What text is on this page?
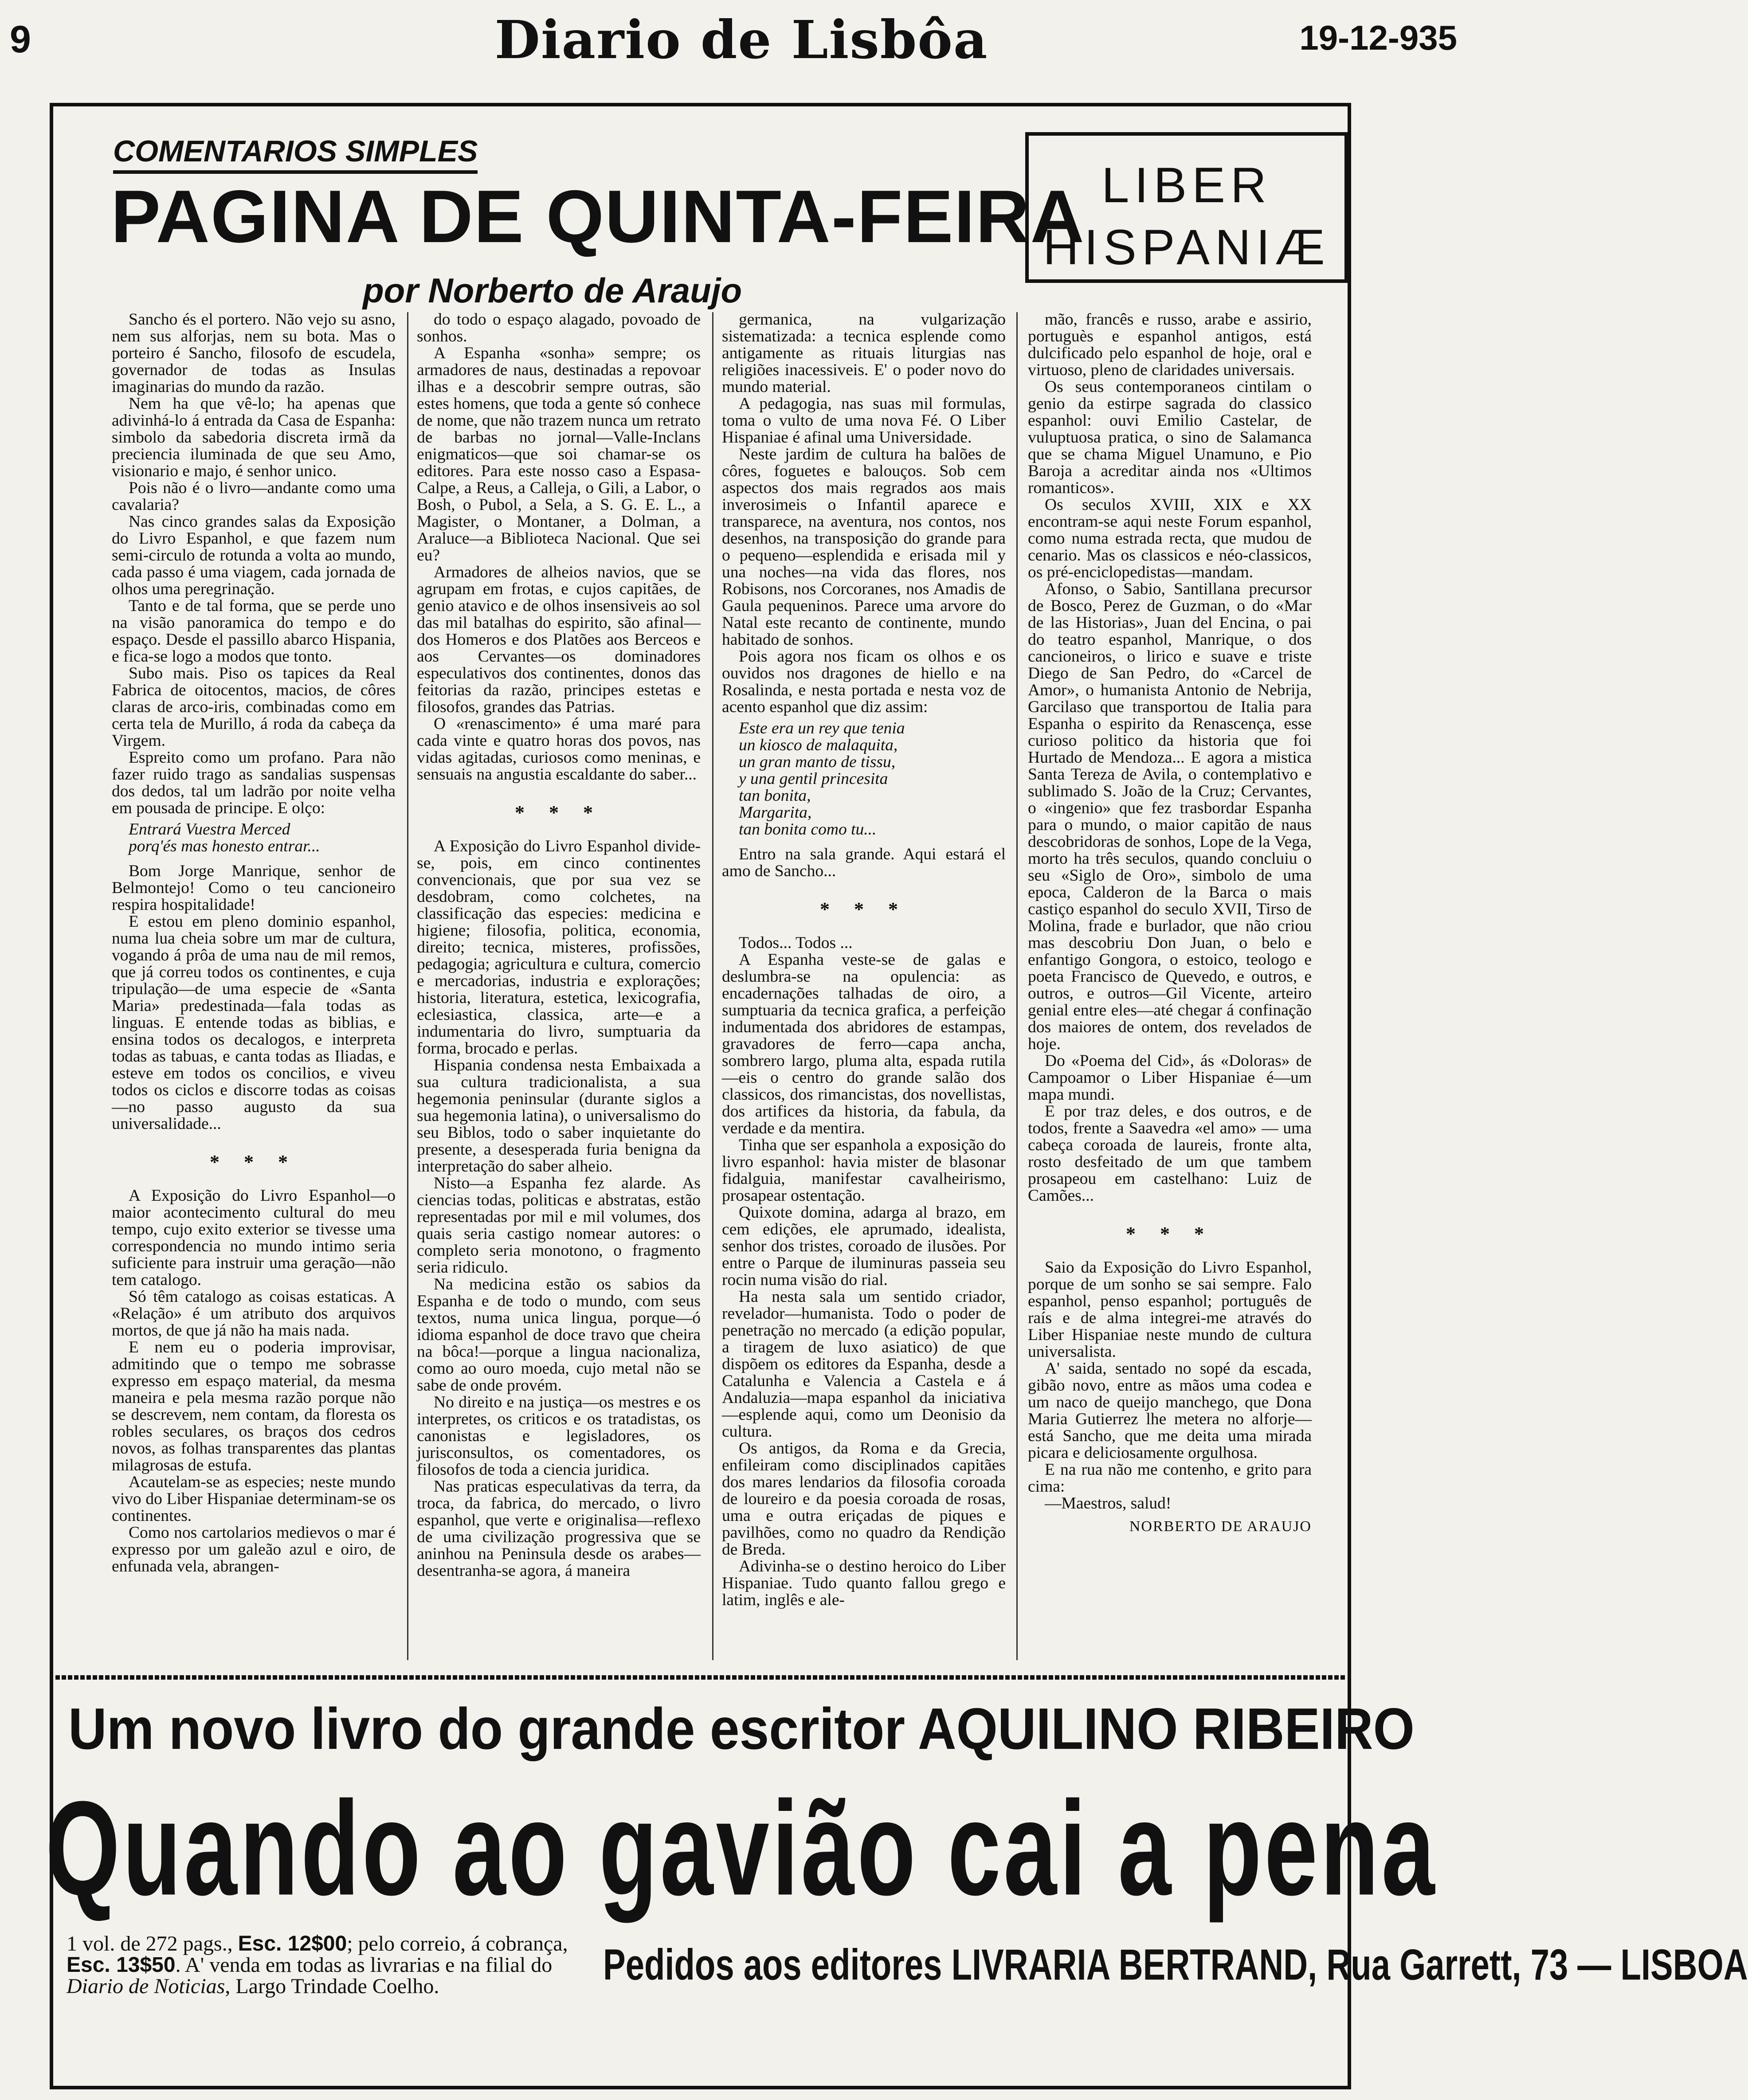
9	Diario de Lisbôa	19-12-935
COMENTARIOS SIMPLES
PAGINA DE QUINTA-FEIRA
por Norberto de Araujo
LIBER
HISPANIÆ

Sancho és el portero. Não vejo su asno, nem sus alforjas, nem su bota. Mas o porteiro é Sancho, filosofo de escudela, governador de todas as Insulas imaginarias do mundo da razão.

Nem ha que vê-lo; ha apenas que adivinhá-lo á entrada da Casa de Espanha: simbolo da sabedoria discreta irmã da preciencia iluminada de que seu Amo, visionario e majo, é senhor unico.

Pois não é o livro—andante como uma cavalaria?

Nas cinco grandes salas da Exposição do Livro Espanhol, e que fazem num semi-circulo de rotunda a volta ao mundo, cada passo é uma viagem, cada jornada de olhos uma peregrinação.

Tanto e de tal forma, que se perde uno na visão panoramica do tempo e do espaço. Desde el passillo abarco Hispania, e fica-se logo a modos que tonto.

Subo mais. Piso os tapices da Real Fabrica de oitocentos, macios, de côres claras de arco-iris, combinadas como em certa tela de Murillo, á roda da cabeça da Virgem.

Espreito como um profano. Para não fazer ruido trago as sandalias suspensas dos dedos, tal um ladrão por noite velha em pousada de principe. E olço:

Entrará Vuestra Merced
porq'és mas honesto entrar...

Bom Jorge Manrique, senhor de Belmontejo! Como o teu cancioneiro respira hospitalidade!

E estou em pleno dominio espanhol, numa lua cheia sobre um mar de cultura, vogando á prôa de uma nau de mil remos, que já correu todos os continentes, e cuja tripulação—de uma especie de «Santa Maria» predestinada—fala todas as linguas. E entende todas as biblias, e ensina todos os decalogos, e interpreta todas as tabuas, e canta todas as Iliadas, e esteve em todos os concilios, e viveu todos os ciclos e discorre todas as coisas—no passo augusto da sua universalidade...

* * *

A Exposição do Livro Espanhol—o maior acontecimento cultural do meu tempo, cujo exito exterior se tivesse uma correspondencia no mundo intimo seria suficiente para instruir uma geração—não tem catalogo.

Só têm catalogo as coisas estaticas. A «Relação» é um atributo dos arquivos mortos, de que já não ha mais nada.

E nem eu o poderia improvisar, admitindo que o tempo me sobrasse expresso em espaço material, da mesma maneira e pela mesma razão porque não se descrevem, nem contam, da floresta os robles seculares, os braços dos cedros novos, as folhas transparentes das plantas milagrosas de estufa.

Acautelam-se as especies; neste mundo vivo do Liber Hispaniae determinam-se os continentes.

Como nos cartolarios medievos o mar é expresso por um galeão azul e oiro, de enfunada vela, abrangen-

do todo o espaço alagado, povoado de sonhos.

A Espanha «sonha» sempre; os armadores de naus, destinadas a repovoar ilhas e a descobrir sempre outras, são estes homens, que toda a gente só conhece de nome, que não trazem nunca um retrato de barbas no jornal—Valle-Inclans enigmaticos—que soi chamar-se os editores. Para este nosso caso a Espasa-Calpe, a Reus, a Calleja, o Gili, a Labor, o Bosh, o Pubol, a Sela, a S. G. E. L., a Magister, o Montaner, a Dolman, a Araluce—a Biblioteca Nacional. Que sei eu?

Armadores de alheios navios, que se agrupam em frotas, e cujos capitães, de genio atavico e de olhos insensiveis ao sol das mil batalhas do espirito, são afinal—dos Homeros e dos Platões aos Berceos e aos Cervantes—os dominadores especulativos dos continentes, donos das feitorias da razão, principes estetas e filosofos, grandes das Patrias.

O «renascimento» é uma maré para cada vinte e quatro horas dos povos, nas vidas agitadas, curiosos como meninas, e sensuais na angustia escaldante do saber...

* * *

A Exposição do Livro Espanhol divide-se, pois, em cinco continentes convencionais, que por sua vez se desdobram, como colchetes, na classificação das especies: medicina e higiene; filosofia, politica, economia, direito; tecnica, misteres, profissões, pedagogia; agricultura e cultura, comercio e mercadorias, industria e explorações; historia, literatura, estetica, lexicografia, eclesiastica, classica, arte—e a indumentaria do livro, sumptuaria da forma, brocado e perlas.

Hispania condensa nesta Embaixada a sua cultura tradicionalista, a sua hegemonia peninsular (durante siglos a sua hegemonia latina), o universalismo do seu Biblos, todo o saber inquietante do presente, a desesperada furia benigna da interpretação do saber alheio.

Nisto—a Espanha fez alarde. As ciencias todas, politicas e abstratas, estão representadas por mil e mil volumes, dos quais seria castigo nomear autores: o completo seria monotono, o fragmento seria ridiculo.

Na medicina estão os sabios da Espanha e de todo o mundo, com seus textos, numa unica lingua, porque—ó idioma espanhol de doce travo que cheira na bôca!—porque a lingua nacionaliza, como ao ouro moeda, cujo metal não se sabe de onde provém.

No direito e na justiça—os mestres e os interpretes, os criticos e os tratadistas, os canonistas e legisladores, os jurisconsultos, os comentadores, os filosofos de toda a ciencia juridica.

Nas praticas especulativas da terra, da troca, da fabrica, do mercado, o livro espanhol, que verte e originalisa—reflexo de uma civilização progressiva que se aninhou na Peninsula desde os arabes—desentranha-se agora, á maneira

germanica, na vulgarização sistematizada: a tecnica esplende como antigamente as rituais liturgias nas religiões inacessiveis. E' o poder novo do mundo material.

A pedagogia, nas suas mil formulas, toma o vulto de uma nova Fé. O Liber Hispaniae é afinal uma Universidade.

Neste jardim de cultura ha balões de côres, foguetes e balouços. Sob cem aspectos dos mais regrados aos mais inverosimeis o Infantil aparece e transparece, na aventura, nos contos, nos desenhos, na transposição do grande para o pequeno—esplendida e erisada mil y una noches—na vida das flores, nos Robisons, nos Corcoranes, nos Amadis de Gaula pequeninos. Parece uma arvore do Natal este recanto de continente, mundo habitado de sonhos.

Pois agora nos ficam os olhos e os ouvidos nos dragones de hiello e na Rosalinda, e nesta portada e nesta voz de acento espanhol que diz assim:

Este era un rey que tenia
un kiosco de malaquita,
un gran manto de tissu,
y una gentil princesita
tan bonita,
Margarita,
tan bonita como tu...

Entro na sala grande. Aqui estará el amo de Sancho...

* * *

Todos... Todos ...

A Espanha veste-se de galas e deslumbra-se na opulencia: as encadernações talhadas de oiro, a sumptuaria da tecnica grafica, a perfeição indumentada dos abridores de estampas, gravadores de ferro—capa ancha, sombrero largo, pluma alta, espada rutila—eis o centro do grande salão dos classicos, dos rimancistas, dos novellistas, dos artifices da historia, da fabula, da verdade e da mentira.

Tinha que ser espanhola a exposição do livro espanhol: havia mister de blasonar fidalguia, manifestar cavalheirismo, prosapear ostentação.

Quixote domina, adarga al brazo, em cem edições, ele aprumado, idealista, senhor dos tristes, coroado de ilusões. Por entre o Parque de iluminuras passeia seu rocin numa visão do rial.

Ha nesta sala um sentido criador, revelador—humanista. Todo o poder de penetração no mercado (a edição popular, a tiragem de luxo asiatico) de que dispõem os editores da Espanha, desde a Catalunha e Valencia a Castela e á Andaluzia—mapa espanhol da iniciativa—esplende aqui, como um Deonisio da cultura.

Os antigos, da Roma e da Grecia, enfileiram como disciplinados capitães dos mares lendarios da filosofia coroada de loureiro e da poesia coroada de rosas, uma e outra eriçadas de piques e pavilhões, como no quadro da Rendição de Breda.

Adivinha-se o destino heroico do Liber Hispaniae. Tudo quanto fallou grego e latim, inglês e ale-

mão, francês e russo, arabe e assirio, portuguès e espanhol antigos, está dulcificado pelo espanhol de hoje, oral e virtuoso, pleno de claridades universais.

Os seus contemporaneos cintilam o genio da estirpe sagrada do classico espanhol: ouvi Emilio Castelar, de vuluptuosa pratica, o sino de Salamanca que se chama Miguel Unamuno, e Pio Baroja a acreditar ainda nos «Ultimos romanticos».

Os seculos XVIII, XIX e XX encontram-se aqui neste Forum espanhol, como numa estrada recta, que mudou de cenario. Mas os classicos e néo-classicos, os pré-enciclopedistas—mandam.

Afonso, o Sabio, Santillana precursor de Bosco, Perez de Guzman, o do «Mar de las Historias», Juan del Encina, o pai do teatro espanhol, Manrique, o dos cancioneiros, o lirico e suave e triste Diego de San Pedro, do «Carcel de Amor», o humanista Antonio de Nebrija, Garcilaso que transportou de Italia para Espanha o espirito da Renascença, esse curioso politico da historia que foi Hurtado de Mendoza... E agora a mistica Santa Tereza de Avila, o contemplativo e sublimado S. João de la Cruz; Cervantes, o «ingenio» que fez trasbordar Espanha para o mundo, o maior capitão de naus descobridoras de sonhos, Lope de la Vega, morto ha três seculos, quando concluiu o seu «Siglo de Oro», simbolo de uma epoca, Calderon de la Barca o mais castiço espanhol do seculo XVII, Tirso de Molina, frade e burlador, que não criou mas descobriu Don Juan, o belo e enfantigo Gongora, o estoico, teologo e poeta Francisco de Quevedo, e outros, e outros, e outros—Gil Vicente, arteiro genial entre eles—até chegar á confinação dos maiores de ontem, dos revelados de hoje.

Do «Poema del Cid», ás «Doloras» de Campoamor o Liber Hispaniae é—um mapa mundi.

E por traz deles, e dos outros, e de todos, frente a Saavedra «el amo» — uma cabeça coroada de laureis, fronte alta, rosto desfeitado de um que tambem prosapeou em castelhano: Luiz de Camões...

* * *

Saio da Exposição do Livro Espanhol, porque de um sonho se sai sempre. Falo espanhol, penso espanhol; português de raís e de alma integrei-me através do Liber Hispaniae neste mundo de cultura universalista.

A' saida, sentado no sopé da escada, gibão novo, entre as mãos uma codea e um naco de queijo manchego, que Dona Maria Gutierrez lhe metera no alforje—está Sancho, que me deita uma mirada picara e deliciosamente orgulhosa.

E na rua não me contenho, e grito para cima:

—Maestros, salud!

NORBERTO DE ARAUJO

Um novo livro do grande escritor AQUILINO RIBEIRO
Quando ao gavião cai a pena
1 vol. de 272 pags., Esc. 12$00; pelo correio, á cobrança, Esc. 13$50. A' venda em todas as livrarias e na filial do Diario de Noticias, Largo Trindade Coelho.	Pedidos aos editores LIVRARIA BERTRAND, Rua Garrett, 73 — LISBOA
